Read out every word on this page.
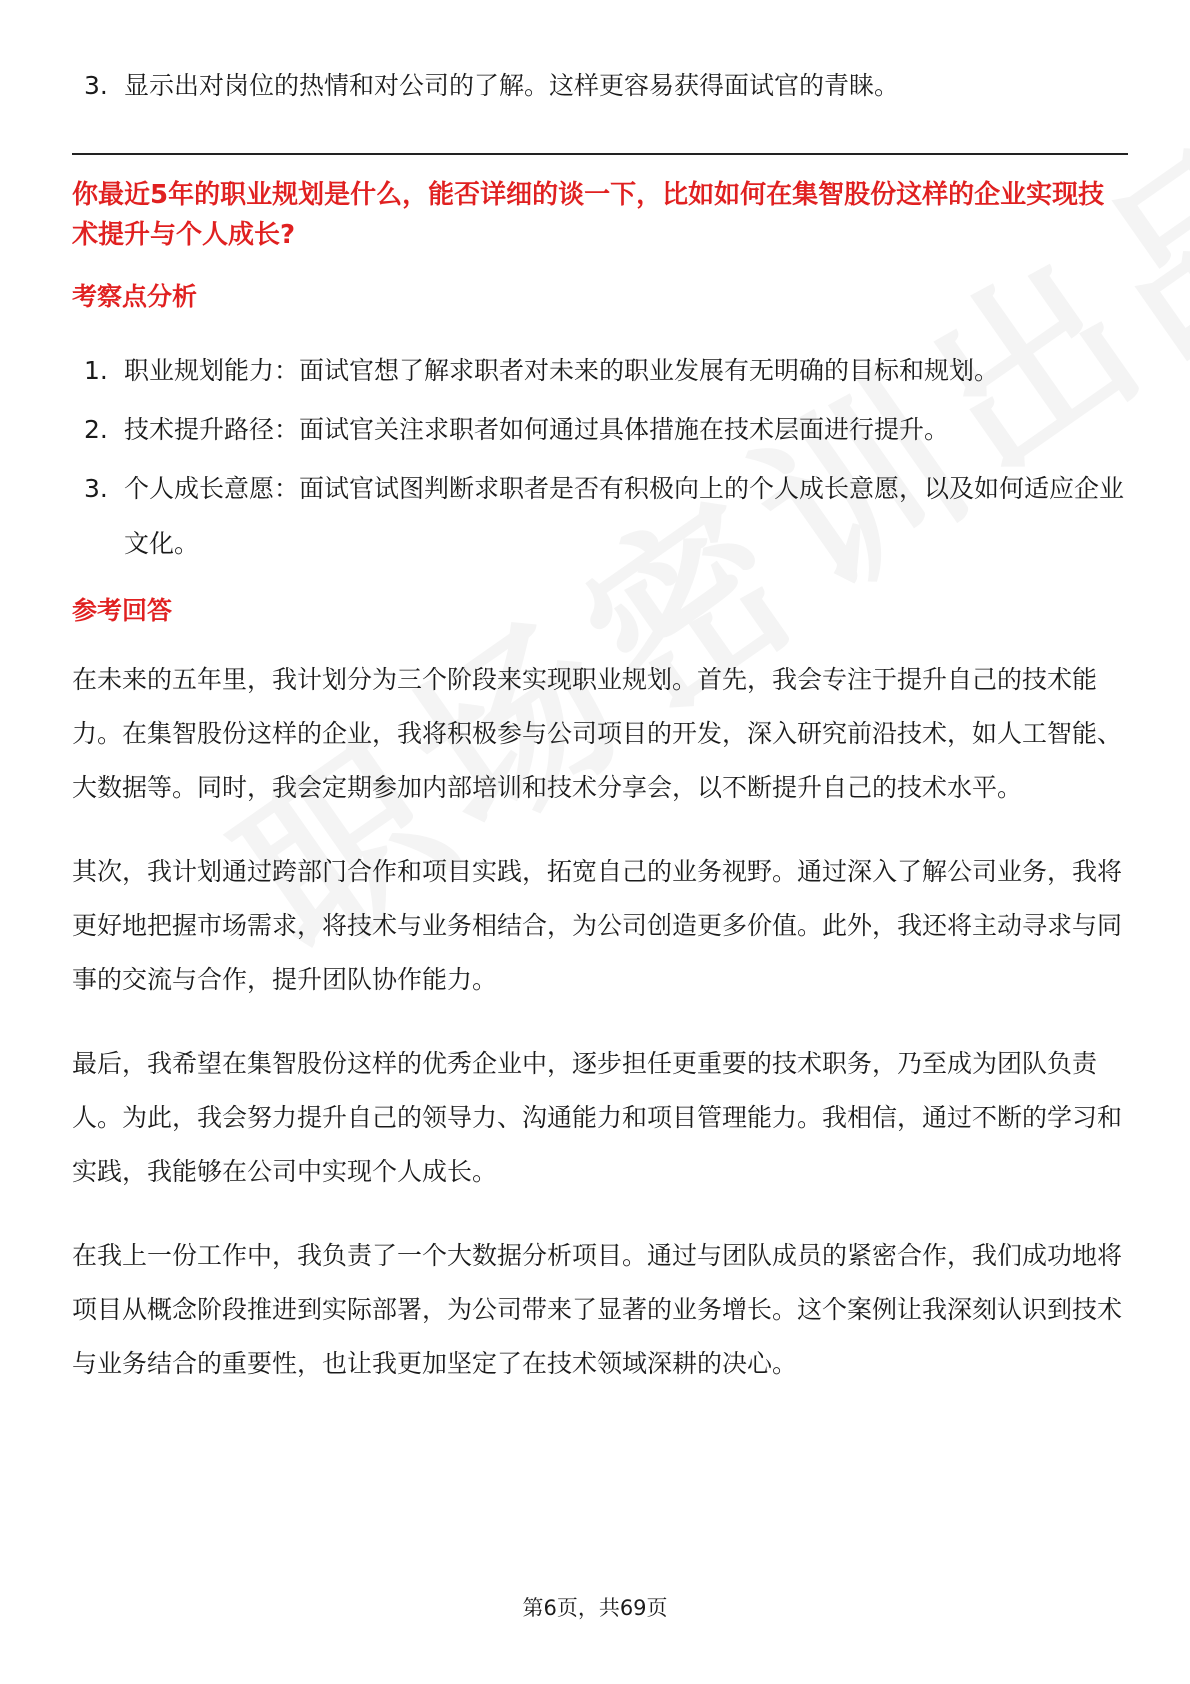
3. 显示出对岗位的热情和对公司的了解。这样更容易获得面试官的青睐。
你最近5年的职业规划是什么，能否详细的谈一下，比如如何在集智股份这样的企业实现技术提升与个人成长?
考察点分析
1. 职业规划能力：面试官想了解求职者对未来的职业发展有无明确的目标和规划。
2. 技术提升路径：面试官关注求职者如何通过具体措施在技术层面进行提升。
3. 个人成长意愿：面试官试图判断求职者是否有积极向上的个人成长意愿，以及如何适应企业文化。
参考回答

在未来的五年里，我计划分为三个阶段来实现职业规划。首先，我会专注于提升自己的技术能力。在集智股份这样的企业，我将积极参与公司项目的开发，深入研究前沿技术，如人工智能、大数据等。同时，我会定期参加内部培训和技术分享会，以不断提升自己的技术水平。

其次，我计划通过跨部门合作和项目实践，拓宽自己的业务视野。通过深入了解公司业务，我将更好地把握市场需求，将技术与业务相结合，为公司创造更多价值。此外，我还将主动寻求与同事的交流与合作，提升团队协作能力。

最后，我希望在集智股份这样的优秀企业中，逐步担任更重要的技术职务，乃至成为团队负责人。为此，我会努力提升自己的领导力、沟通能力和项目管理能力。我相信，通过不断的学习和实践，我能够在公司中实现个人成长。

在我上一份工作中，我负责了一个大数据分析项目。通过与团队成员的紧密合作，我们成功地将项目从概念阶段推进到实际部署，为公司带来了显著的业务增长。这个案例让我深刻认识到技术与业务结合的重要性，也让我更加坚定了在技术领域深耕的决心。

第6页，共69页
